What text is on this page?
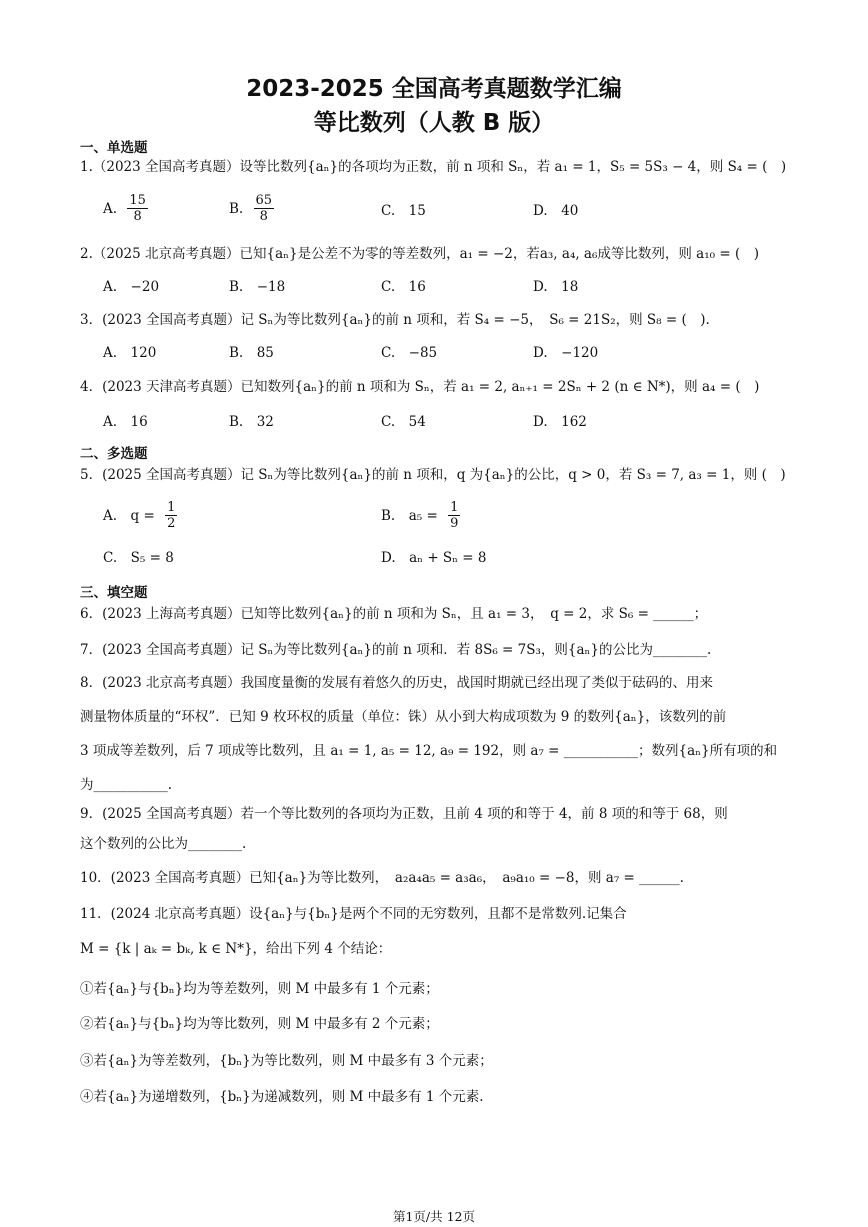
2023-2025 全国高考真题数学汇编
等比数列（人教 B 版）
一、单选题
1.（2023 全国高考真题）设等比数列{aₙ}的各项均为正数，前 n 项和 Sₙ，若 a₁ = 1，S₅ = 5S₃ − 4，则 S₄ = (　)
A. $\frac{15}{8}$	B. $\frac{65}{8}$	C.　15	D.　40
2.（2025 北京高考真题）已知{aₙ}是公差不为零的等差数列，a₁ = −2，若a₃, a₄, a₆成等比数列，则 a₁₀ = (　)
A.　−20	B.　−18	C.　16	D.　18
3．(2023 全国高考真题）记 Sₙ为等比数列{aₙ}的前 n 项和，若 S₄ = −5，　S₆ = 21S₂，则 S₈ = (　).
A.　120	B.　85	C.　−85	D.　−120
4．(2023 天津高考真题）已知数列{aₙ}的前 n 项和为 Sₙ，若 a₁ = 2, aₙ₊₁ = 2Sₙ + 2 (n ∈ N*)，则 a₄ = (　)
A.　16	B.　32	C.　54	D.　162
二、多选题
5．(2025 全国高考真题）记 Sₙ为等比数列{aₙ}的前 n 项和，q 为{aₙ}的公比，q > 0，若 S₃ = 7, a₃ = 1，则 (　)
A.　$q = \frac{1}{2}$	B.　$a_5 = \frac{1}{9}$
C.　S₅ = 8	D.　aₙ + Sₙ = 8
三、填空题
6．(2023 上海高考真题）已知等比数列{aₙ}的前 n 项和为 Sₙ，且 a₁ = 3，　q = 2，求 S₆ = ______；
7．(2023 全国高考真题）记 Sₙ为等比数列{aₙ}的前 n 项和．若 8S₆ = 7S₃，则{aₙ}的公比为________.
8．(2023 北京高考真题）我国度量衡的发展有着悠久的历史，战国时期就已经出现了类似于砝码的、用来
测量物体质量的“环权”．已知 9 枚环权的质量（单位：铢）从小到大构成项数为 9 的数列{aₙ}，该数列的前
3 项成等差数列，后 7 项成等比数列，且 a₁ = 1, a₅ = 12, a₉ = 192，则 a₇ = ___________；数列{aₙ}所有项的和
为___________.
9．(2025 全国高考真题）若一个等比数列的各项均为正数，且前 4 项的和等于 4，前 8 项的和等于 68，则
这个数列的公比为________.
10．(2023 全国高考真题）已知{aₙ}为等比数列，　a₂a₄a₅ = a₃a₆，　a₉a₁₀ = −8，则 a₇ = ______.
11．(2024 北京高考真题）设{aₙ}与{bₙ}是两个不同的无穷数列，且都不是常数列.记集合
M = {k | aₖ = bₖ, k ∈ N*}，给出下列 4 个结论：
①若{aₙ}与{bₙ}均为等差数列，则 M 中最多有 1 个元素；
②若{aₙ}与{bₙ}均为等比数列，则 M 中最多有 2 个元素；
③若{aₙ}为等差数列，{bₙ}为等比数列，则 M 中最多有 3 个元素；
④若{aₙ}为递增数列，{bₙ}为递减数列，则 M 中最多有 1 个元素.
第1页/共 12页
